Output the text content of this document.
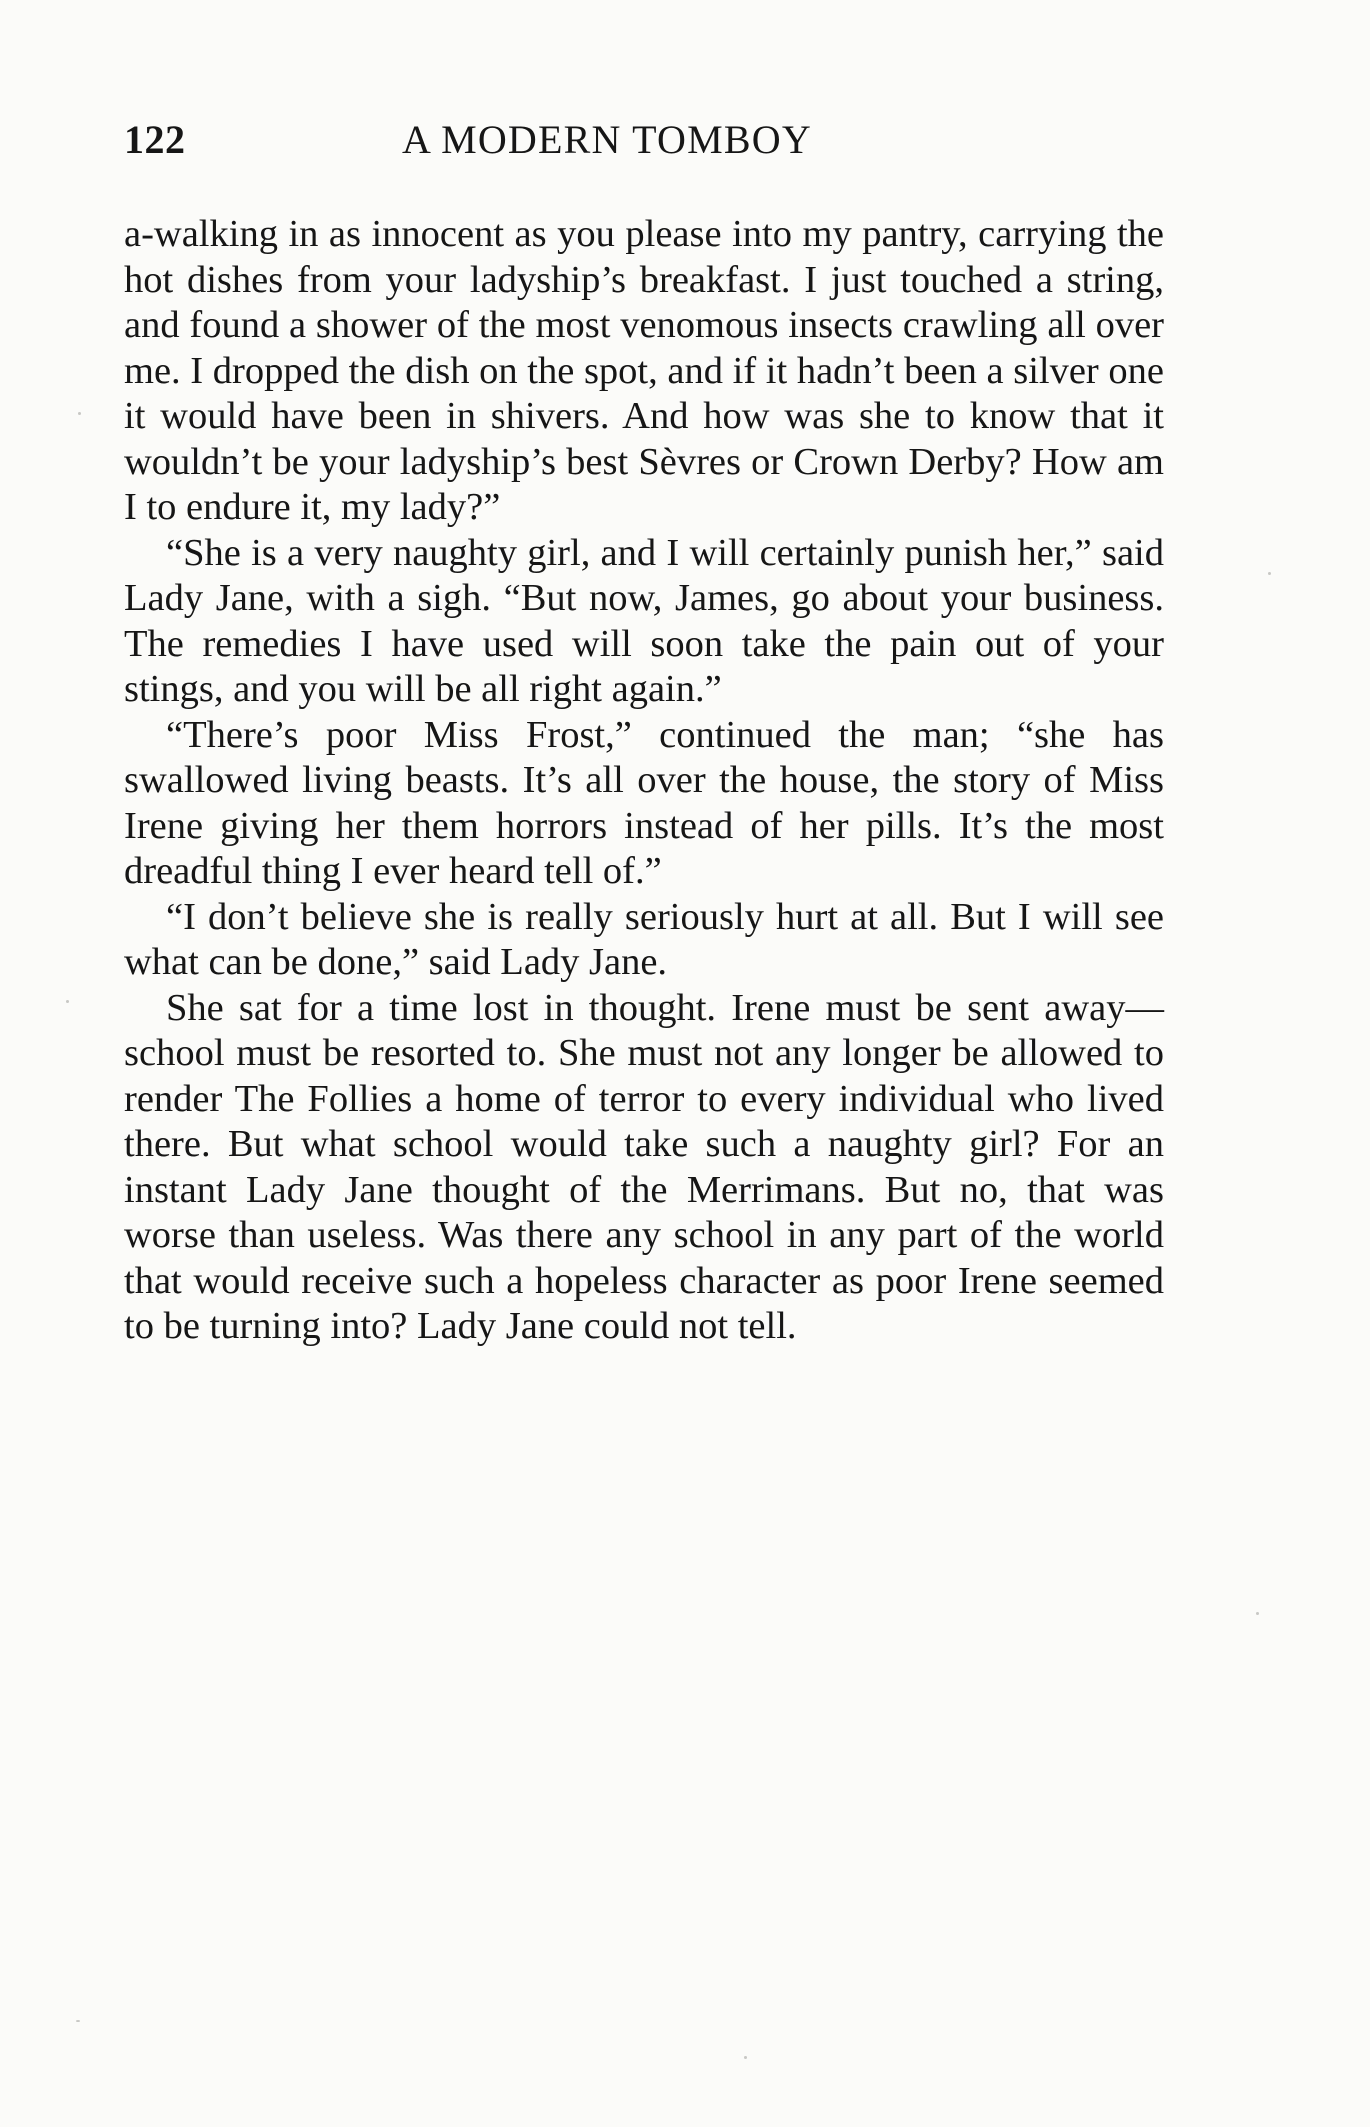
122	A MODERN TOMBOY

a-walking in as innocent as you please into my pantry, carrying the hot dishes from your ladyship’s breakfast. I just touched a string, and found a shower of the most venomous insects crawling all over me. I dropped the dish on the spot, and if it hadn’t been a silver one it would have been in shivers. And how was she to know that it wouldn’t be your ladyship’s best Sèvres or Crown Derby? How am I to endure it, my lady?”

“She is a very naughty girl, and I will certainly punish her,” said Lady Jane, with a sigh. “But now, James, go about your business. The remedies I have used will soon take the pain out of your stings, and you will be all right again.”

“There’s poor Miss Frost,” continued the man; “she has swallowed living beasts. It’s all over the house, the story of Miss Irene giving her them horrors instead of her pills. It’s the most dreadful thing I ever heard tell of.”

“I don’t believe she is really seriously hurt at all. But I will see what can be done,” said Lady Jane.

She sat for a time lost in thought. Irene must be sent away—school must be resorted to. She must not any longer be allowed to render The Follies a home of terror to every individual who lived there. But what school would take such a naughty girl? For an instant Lady Jane thought of the Merrimans. But no, that was worse than useless. Was there any school in any part of the world that would receive such a hopeless character as poor Irene seemed to be turning into? Lady Jane could not tell.
